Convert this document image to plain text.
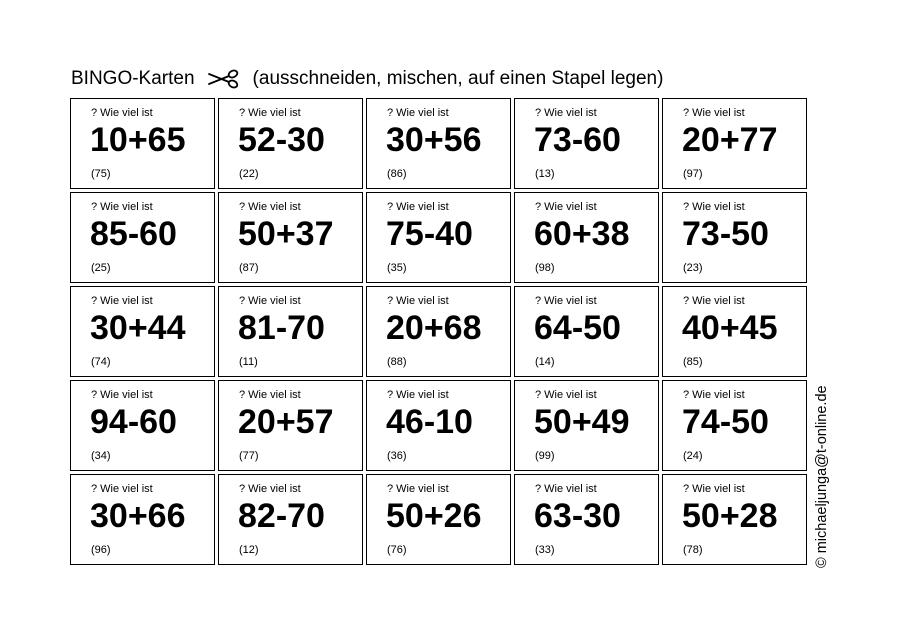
BINGO-Karten	(ausschneiden, mischen, auf einen Stapel legen)
? Wie viel ist
10+65
(75)
? Wie viel ist
52-30
(22)
? Wie viel ist
30+56
(86)
? Wie viel ist
73-60
(13)
? Wie viel ist
20+77
(97)
? Wie viel ist
85-60
(25)
? Wie viel ist
50+37
(87)
? Wie viel ist
75-40
(35)
? Wie viel ist
60+38
(98)
? Wie viel ist
73-50
(23)
? Wie viel ist
30+44
(74)
? Wie viel ist
81-70
(11)
? Wie viel ist
20+68
(88)
? Wie viel ist
64-50
(14)
? Wie viel ist
40+45
(85)
? Wie viel ist
94-60
(34)
? Wie viel ist
20+57
(77)
? Wie viel ist
46-10
(36)
? Wie viel ist
50+49
(99)
? Wie viel ist
74-50
(24)
? Wie viel ist
30+66
(96)
? Wie viel ist
82-70
(12)
? Wie viel ist
50+26
(76)
? Wie viel ist
63-30
(33)
? Wie viel ist
50+28
(78)	© michaeljunga@t-online.de
